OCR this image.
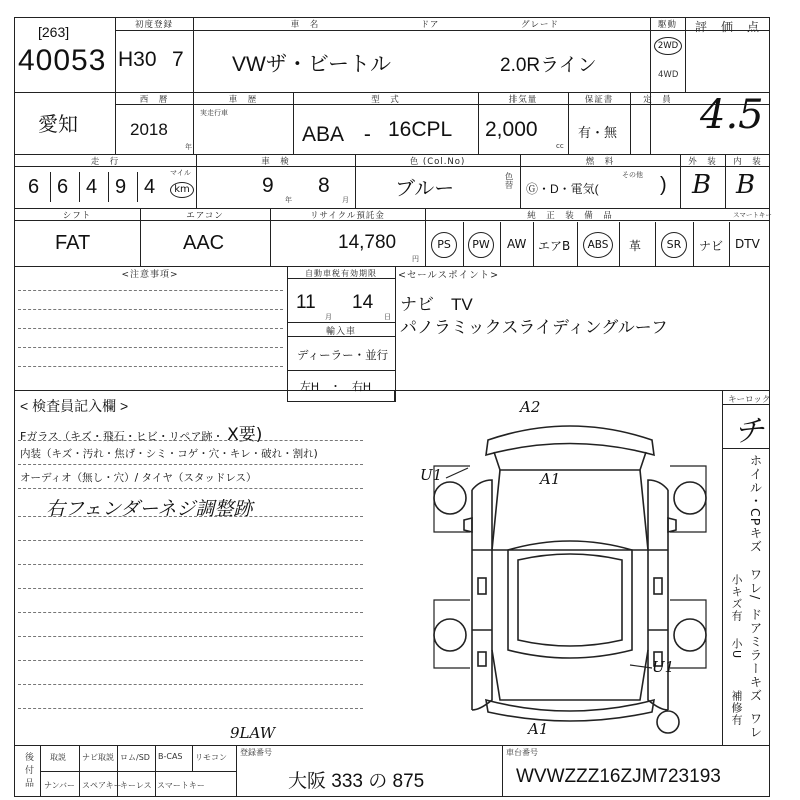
[263]
40053
初度登録
H30 7
車　名	ドア	グレード
VWザ・ビートル	2.0Rライン
駆動
2WD
4WD
評　価　点
4.5
愛知
西　暦
2018
年
車　歴
実走行車
型　式
ABA　- 16CPL
排気量
2,000
cc
保証書
有・無
定　員
走　行
6 6 4 9 4
マイル
km
車　検
9
年
8
月
色 (Col.No)
ブルー	色替
燃　料
Ⓖ・D・電気(
その他 )
外　装
B
内　装
B
シフト
FAT
エアコン
AAC
リサイクル預託金
14,780
円
純　正　装　備　品	スマートキー
PS	PW	AW エアB	ABS	革	SR	ナビ DTV
<注意事項>	自動車税有効期限
11
月
14
日
輸入車
ディーラー・並行
左H　・　右H
<セールスポイント>
ナビ　TV
パノラミックスライディングルーフ
< 検査員記入欄 >
Fガラス（キズ・飛石・ヒビ・リペア跡・ X要)
内装（キズ・汚れ・焦げ・シミ・コゲ・穴・キレ・破れ・割れ)
オーディオ（無し・穴）/ タイヤ（スタッドレス）
右フェンダーネジ調整跡
A2
U1	A1
U1
A1
9LAW
キーロック
チ
ホイル・CPキズ
ワレ/
ドアミラーキズ
ワレ
小キズ有
小U
補修有
後付品 取説 ナビ取説 ロム/SD B-CAS リモコン
ナンバー スペアキー
キーレス スマートキー
登録番号
大阪 333 の 875
車台番号
WVWZZZ16ZJM723193
